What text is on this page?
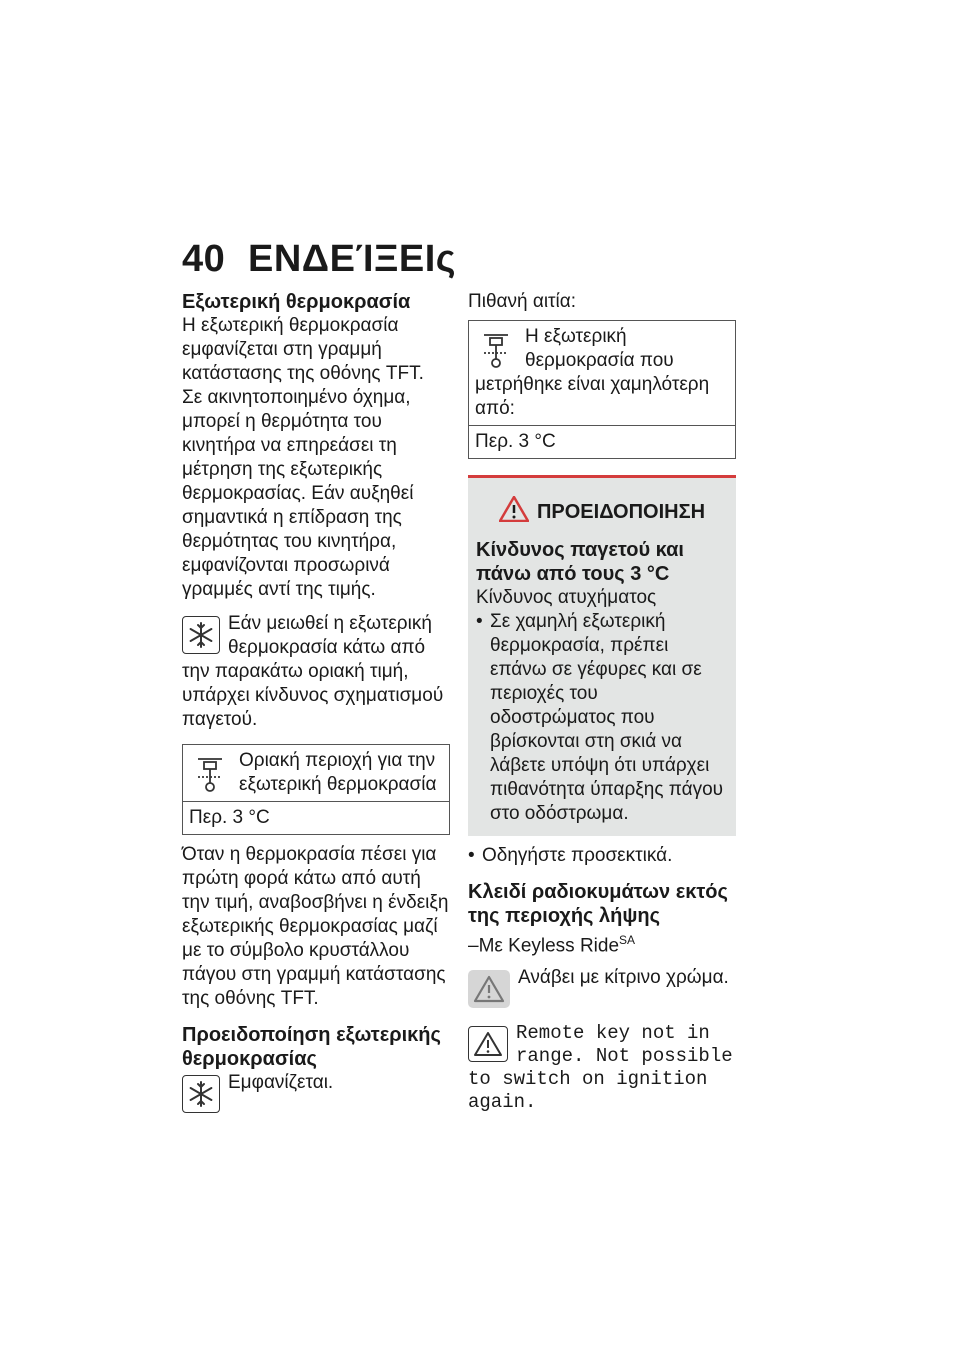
40 ΕΝΔΕΊΞΕΙς

Εξωτερική θερμοκρασία

Η εξωτερική θερμοκρασία εμφανίζεται στη γραμμή κατάστασης της οθόνης TFT.

Σε ακινητοποιημένο όχημα, μπορεί η θερμότητα του κινητήρα να επηρεάσει τη μέτρηση της εξωτερικής θερμοκρασίας. Εάν αυξηθεί σημαντικά η επίδραση της θερμότητας του κινητήρα, εμφανίζονται προσωρινά γραμμές αντί της τιμής.

Εάν μειωθεί η εξωτερική θερμοκρασία κάτω από την παρακάτω οριακή τιμή, υπάρχει κίνδυνος σχηματισμού παγετού.

Οριακή περιοχή για την εξωτερική θερμοκρασία
Περ. 3 °C

Όταν η θερμοκρασία πέσει για πρώτη φορά κάτω από αυτή την τιμή, αναβοσβήνει η ένδειξη εξωτερικής θερμοκρασίας μαζί με το σύμβολο κρυστάλλου πάγου στη γραμμή κατάστασης της οθόνης TFT.

Προειδοποίηση εξωτερικής θερμοκρασίας

Εμφανίζεται.

Πιθανή αιτία:

Η εξωτερική θερμοκρασία που μετρήθηκε είναι χαμηλότερη από:
Περ. 3 °C
ΠΡΟΕΙΔΟΠΟΙΗΣΗ

Κίνδυνος παγετού και πάνω από τους 3 °C

Κίνδυνος ατυχήματος

• Σε χαμηλή εξωτερική θερμοκρασία, πρέπει επάνω σε γέφυρες και σε περιοχές του οδοστρώματος που βρίσκονται στη σκιά να λάβετε υπόψη ότι υπάρχει πιθανότητα ύπαρξης πάγου στο οδόστρωμα.
• Οδηγήστε προσεκτικά.

Κλειδί ραδιοκυμάτων εκτός της περιοχής λήψης

–Με Keyless Ride$^{SA}$

Ανάβει με κίτρινο χρώμα.

Remote key not in range. Not possible to switch on ignition again.
